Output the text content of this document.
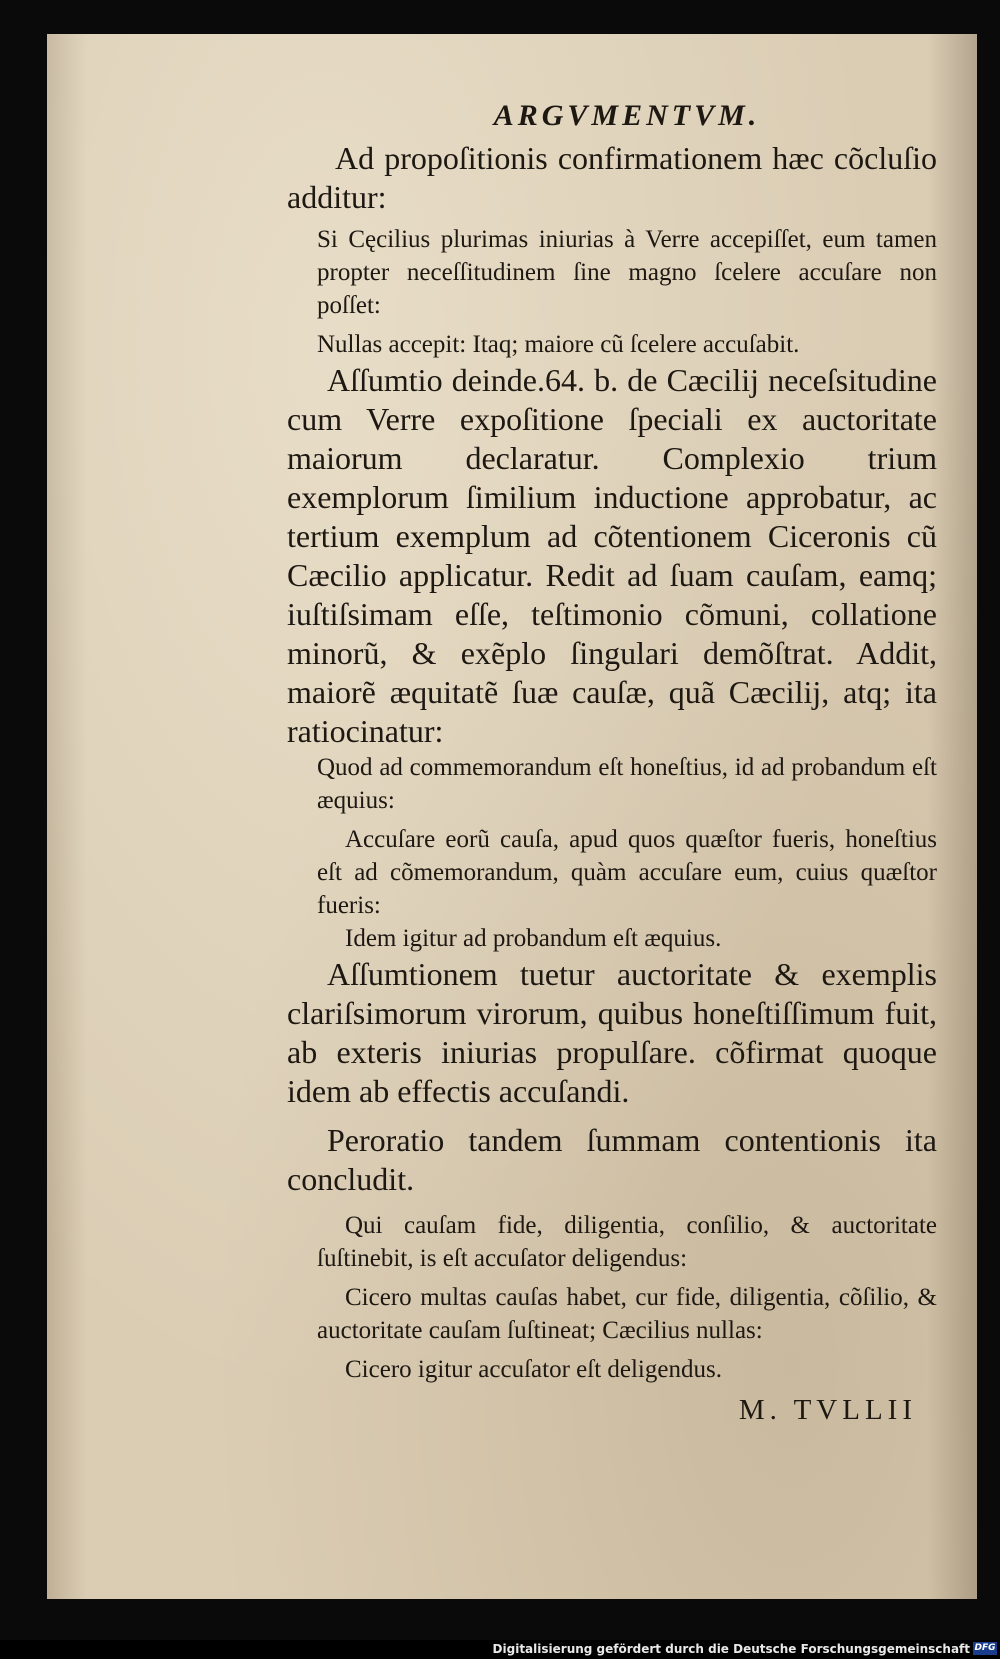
ARGVMENTVM.

Ad propoſitionis confirmationem hæc cõcluſio additur:

Si Cęcilius plurimas iniurias à Verre accepiſſet, eum tamen propter neceſſitudinem ſine magno ſcelere accuſare non poſſet:

Nullas accepit: Itaq; maiore cũ ſcelere accuſabit.

Aſſumtio deinde.64. b. de Cæcilij neceſsitudine cum Verre expoſitione ſpeciali ex auctoritate maiorum declaratur. Complexio trium exemplorum ſimilium inductione approbatur, ac tertium exemplum ad cõtentionem Ciceronis cũ Cæcilio applicatur. Redit ad ſuam cauſam, eamq; iuſtiſsimam eſſe, teſtimonio cõmuni, collatione minorũ, & exẽplo ſingulari demõſtrat. Addit, maiorẽ æquitatẽ ſuæ cauſæ, quã Cæcilij, atq; ita ratiocinatur:

Quod ad commemorandum eſt honeſtius, id ad probandum eſt æquius:

Accuſare eorũ cauſa, apud quos quæſtor fueris, honeſtius eſt ad cõmemorandum, quàm accuſare eum, cuius quæſtor fueris:

Idem igitur ad probandum eſt æquius.

Aſſumtionem tuetur auctoritate & exemplis clariſsimorum virorum, quibus honeſtiſſimum fuit, ab exteris iniurias propulſare. cõfirmat quoque idem ab effectis accuſandi.

Peroratio tandem ſummam contentionis ita concludit.

Qui cauſam fide, diligentia, conſilio, & auctoritate ſuſtinebit, is eſt accuſator deligendus:

Cicero multas cauſas habet, cur fide, diligentia, cõſilio, & auctoritate cauſam ſuſtineat; Cæcilius nullas:

Cicero igitur accuſator eſt deligendus.

M. TVLLII
Digitalisierung gefördert durch die Deutsche Forschungsgemeinschaft DFG
